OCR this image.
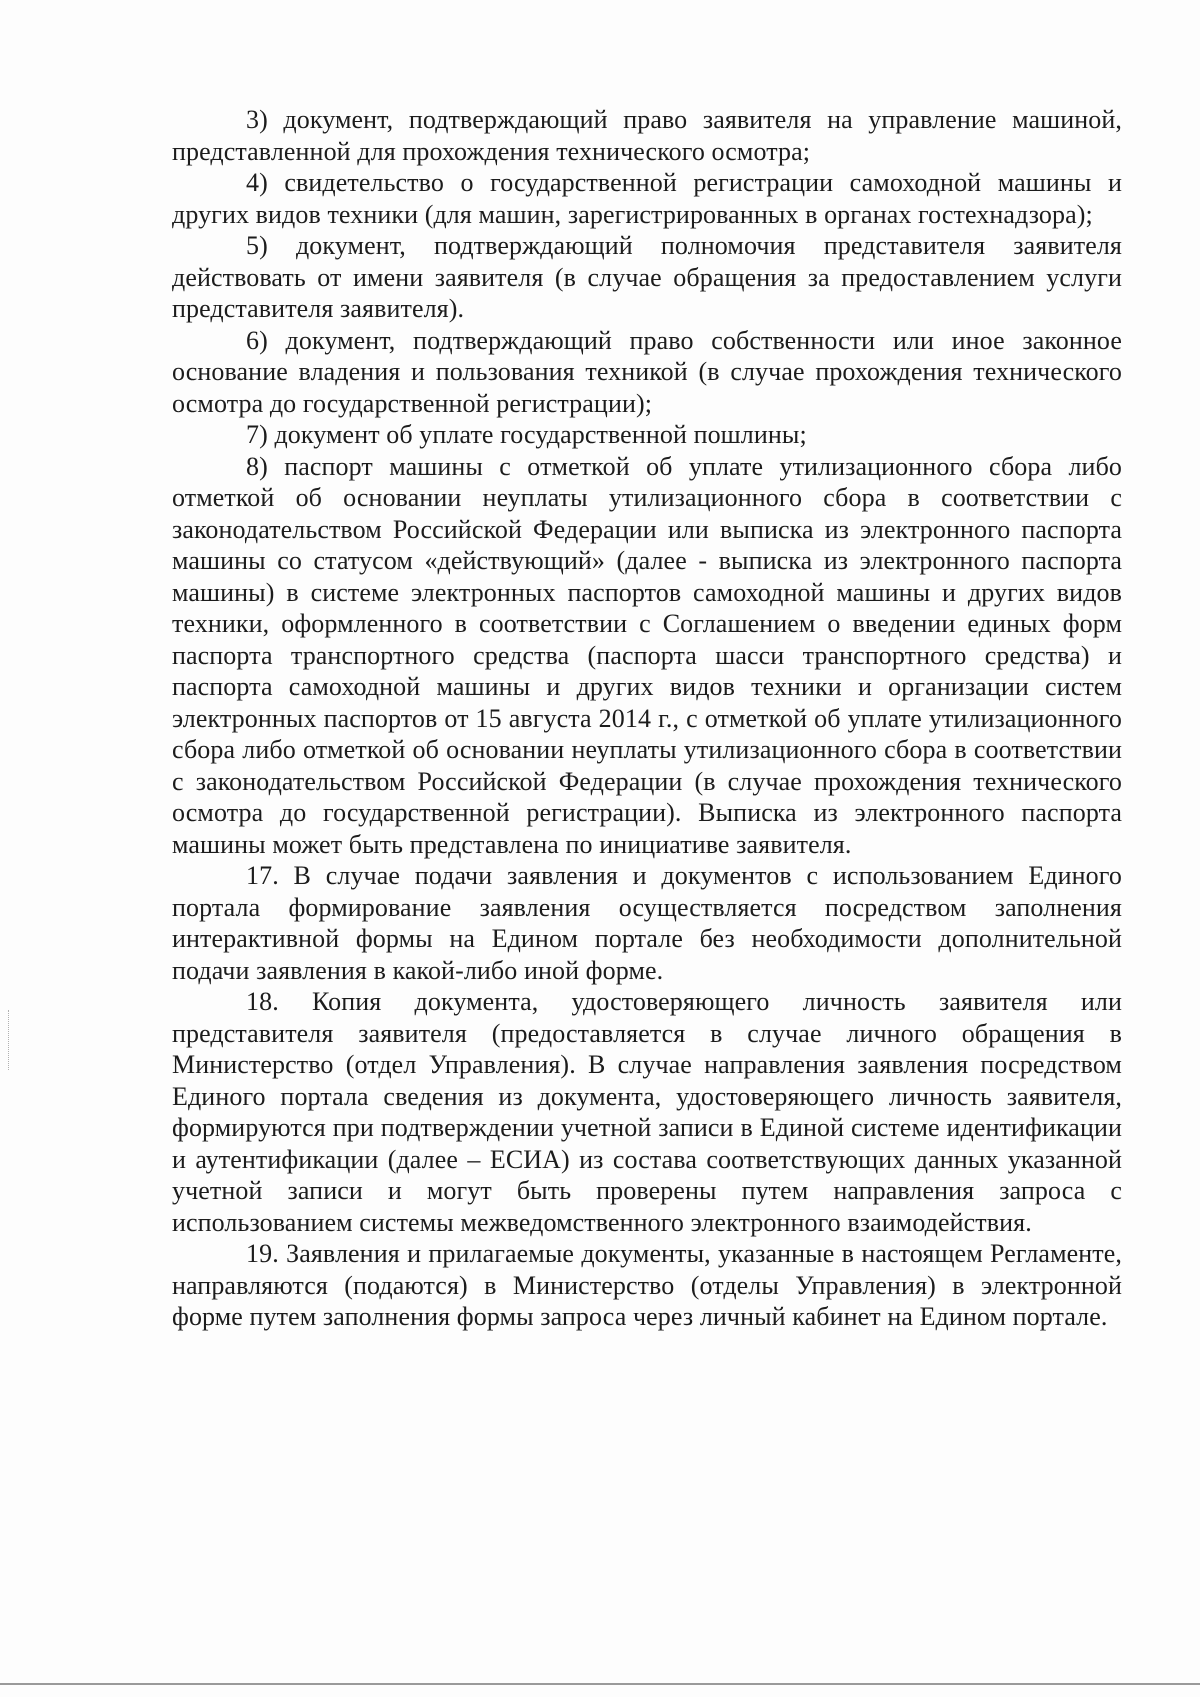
3) документ, подтверждающий право заявителя на управление машиной, представленной для прохождения технического осмотра;

4) свидетельство о государственной регистрации самоходной машины и других видов техники (для машин, зарегистрированных в органах гостехнадзора);

5) документ, подтверждающий полномочия представителя заявителя действовать от имени заявителя (в случае обращения за предоставлением услуги представителя заявителя).

6) документ, подтверждающий право собственности или иное законное основание владения и пользования техникой (в случае прохождения технического осмотра до государственной регистрации);

7) документ об уплате государственной пошлины;

8) паспорт машины с отметкой об уплате утилизационного сбора либо отметкой об основании неуплаты утилизационного сбора в соответствии с законодательством Российской Федерации или выписка из электронного паспорта машины со статусом «действующий» (далее - выписка из электронного паспорта машины) в системе электронных паспортов самоходной машины и других видов техники, оформленного в соответствии с Соглашением о введении единых форм паспорта транспортного средства (паспорта шасси транспортного средства) и паспорта самоходной машины и других видов техники и организации систем электронных паспортов от 15 августа 2014 г., с отметкой об уплате утилизационного сбора либо отметкой об основании неуплаты утилизационного сбора в соответствии с законодательством Российской Федерации (в случае прохождения технического осмотра до государственной регистрации). Выписка из электронного паспорта машины может быть представлена по инициативе заявителя.

17. В случае подачи заявления и документов с использованием Единого портала формирование заявления осуществляется посредством заполнения интерактивной формы на Едином портале без необходимости дополнительной подачи заявления в какой-либо иной форме.

18. Копия документа, удостоверяющего личность заявителя или представителя заявителя (предоставляется в случае личного обращения в Министерство (отдел Управления). В случае направления заявления посредством Единого портала сведения из документа, удостоверяющего личность заявителя, формируются при подтверждении учетной записи в Единой системе идентификации и аутентификации (далее – ЕСИА) из состава соответствующих данных указанной учетной записи и могут быть проверены путем направления запроса с использованием системы межведомственного электронного взаимодействия.

19. Заявления и прилагаемые документы, указанные в настоящем Регламенте, направляются (подаются) в Министерство (отделы Управления) в электронной форме путем заполнения формы запроса через личный кабинет на Едином портале.
